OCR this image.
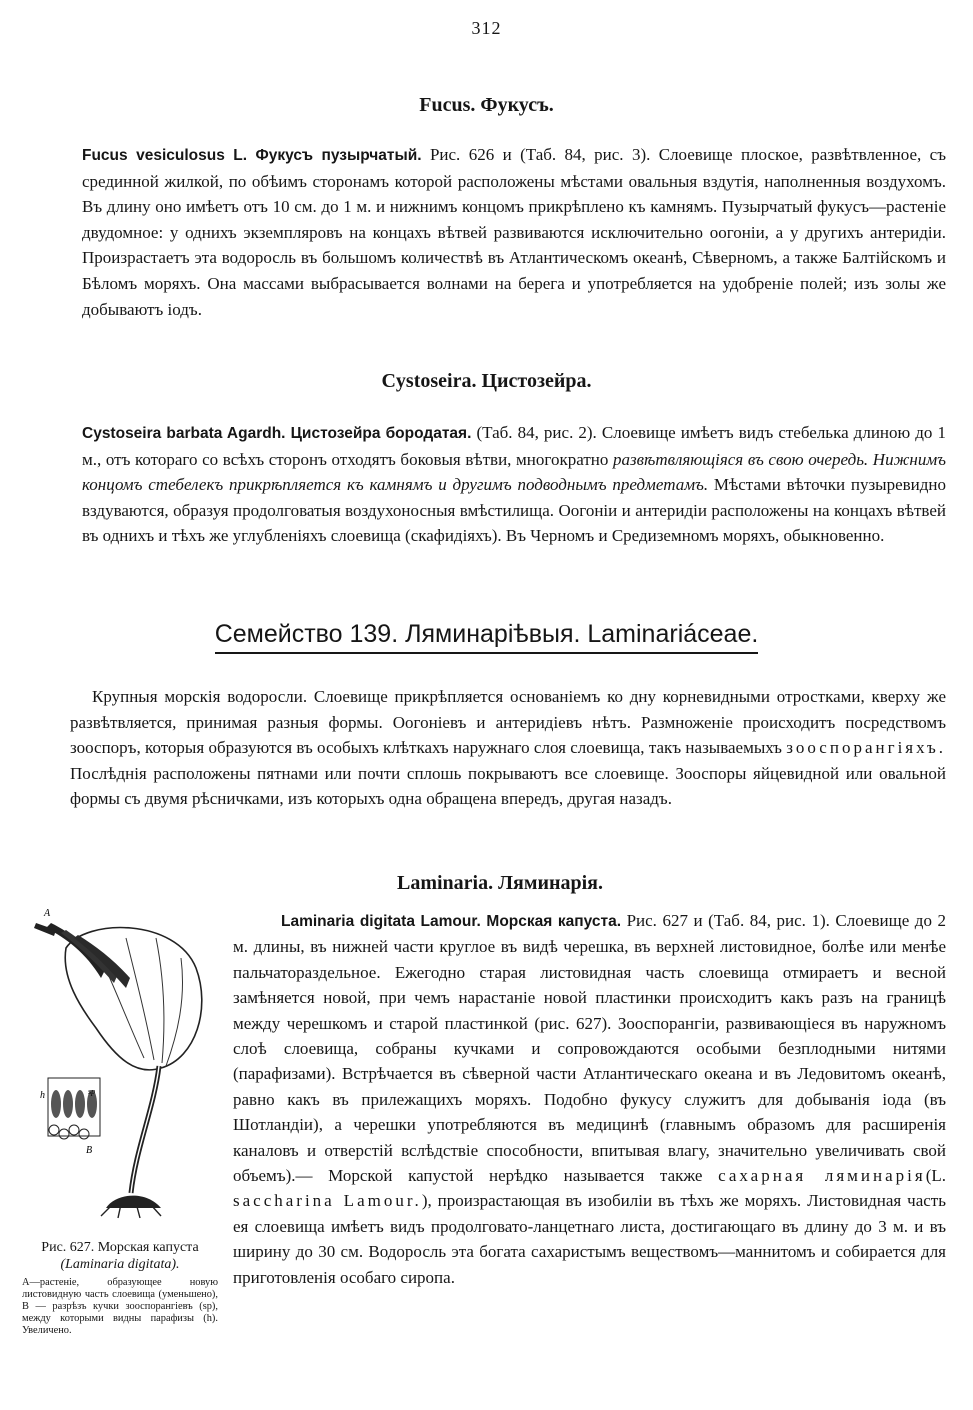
312
Fucus. Фукусъ.
Fucus vesiculosus L. Фукусъ пузырчатый. Рис. 626 и (Таб. 84, рис. 3). Слоевище плоское, развѣтвленное, съ срединной жилкой, по обѣимъ сторонамъ которой расположены мѣстами овальныя вздутія, наполненныя воздухомъ. Въ длину оно имѣетъ отъ 10 см. до 1 м. и нижнимъ концомъ прикрѣплено къ камнямъ. Пузырчатый фукусъ—растеніе двудомное: у однихъ экземпляровъ на концахъ вѣтвей развиваются исключительно оогоніи, а у другихъ антеридіи. Произрастаетъ эта водоросль въ большомъ количествѣ въ Атлантическомъ океанѣ, Сѣверномъ, а также Балтійскомъ и Бѣломъ моряхъ. Она массами выбрасывается волнами на берега и употребляется на удобреніе полей; изъ золы же добываютъ іодъ.
Cystoseira. Цистозейра.
Cystoseira barbata Agardh. Цистозейра бородатая. (Таб. 84, рис. 2). Слоевище имѣетъ видъ стебелька длиною до 1 м., отъ котораго со всѣхъ сторонъ отходятъ боковыя вѣтви, многократно развѣтвляющіяся въ свою очередь. Нижнимъ концомъ стебелекъ прикрѣпляется къ камнямъ и другимъ подводнымъ предметамъ. Мѣстами вѣточки пузыревидно вздуваются, образуя продолговатыя воздухоносныя вмѣстилища. Оогоніи и антеридіи расположены на концахъ вѣтвей въ однихъ и тѣхъ же углубленіяхъ слоевища (скафидіяхъ). Въ Черномъ и Средиземномъ моряхъ, обыкновенно.
Семейство 139. Ляминаріѣвыя. Laminariáceae.
Крупныя морскія водоросли. Слоевище прикрѣпляется основаніемъ ко дну корневидными отростками, кверху же развѣтвляется, принимая разныя формы. Оогоніевъ и антеридіевъ нѣтъ. Размноженіе происходитъ посредствомъ зооспоръ, которыя образуются въ особыхъ клѣткахъ наружнаго слоя слоевища, такъ называемыхъ зооспорангіяхъ. Послѣднія расположены пятнами или почти сплошь покрываютъ все слоевище. Зооспоры яйцевидной или овальной формы съ двумя рѣсничками, изъ которыхъ одна обращена впередъ, другая назадъ.
Laminaria. Ляминарія.
A
h	sp
B
Рис. 627. Морская капуста
(Laminaria digitata).
A—растеніе, образующее новую листовидную часть слоевища (уменьшено), B — разрѣзъ кучки зооспорангіевъ (sp), между которыми видны парафизы (h). Увеличено.
Laminaria digitata Lamour. Морская капуста. Рис. 627 и (Таб. 84, рис. 1). Слоевище до 2 м. длины, въ нижней части круглое въ видѣ черешка, въ верхней листовидное, болѣе или менѣе пальчатораздельное. Ежегодно старая листовидная часть слоевища отмираетъ и весной замѣняется новой, при чемъ нарастаніе новой пластинки происходитъ какъ разъ на границѣ между черешкомъ и старой пластинкой (рис. 627). Зооспорангіи, развивающіеся въ наружномъ слоѣ слоевища, собраны кучками и сопровождаются особыми безплодными нитями (парафизами). Встрѣчается въ сѣверной части Атлантическаго океана и въ Ледовитомъ океанѣ, равно какъ въ прилежащихъ моряхъ. Подобно фукусу служитъ для добыванія іода (въ Шотландіи), а черешки употребляются въ медицинѣ (главнымъ образомъ для расширенія каналовъ и отверстій вслѣдствіе способности, впитывая влагу, значительно увеличивать свой объемъ).— Морской капустой нерѣдко называется также сахарная ляминарія(L. saccharina Lamour.), произрастающая въ изобиліи въ тѣхъ же моряхъ. Листовидная часть ея слоевища имѣетъ видъ продолговато-ланцетнаго листа, достигающаго въ длину до 3 м. и въ ширину до 30 см. Водоросль эта богата сахаристымъ веществомъ—маннитомъ и собирается для приготовленія особаго сиропа.
